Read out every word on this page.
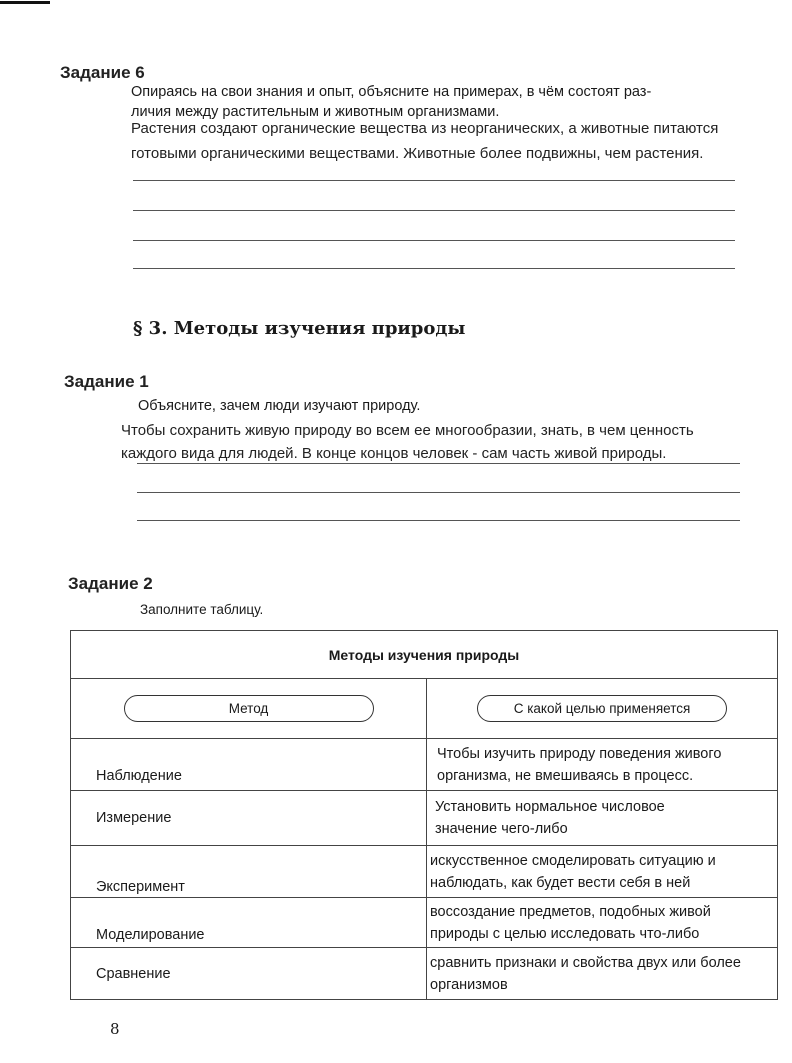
Задание 6
Опираясь на свои знания и опыт, объясните на примерах, в чём состоят раз-
личия между растительным и животным организмами.
Растения создают органические вещества из неорганических, а животные питаются
готовыми органическими веществами. Животные более подвижны, чем растения.
§ 3. Методы изучения природы
Задание 1
Объясните, зачем люди изучают природу.
Чтобы сохранить живую природу во всем ее многообразии, знать, в чем ценность
каждого вида для людей. В конце концов человек - сам часть живой природы.
Задание 2
Заполните таблицу.
Методы изучения природы	
Метод	С какой целью применяется
Наблюдение	Чтобы изучить природу поведения живого
организма, не вмешиваясь в процесс.

Измерение	Установить нормальное числовое
значение чего-либо

Эксперимент	искусственное смоделировать ситуацию и
наблюдать, как будет вести себя в ней

Моделирование	воссоздание предметов, подобных живой
природы с целью исследовать что-либо

Сравнение	сравнить признаки и свойства двух или более
организмов
8
